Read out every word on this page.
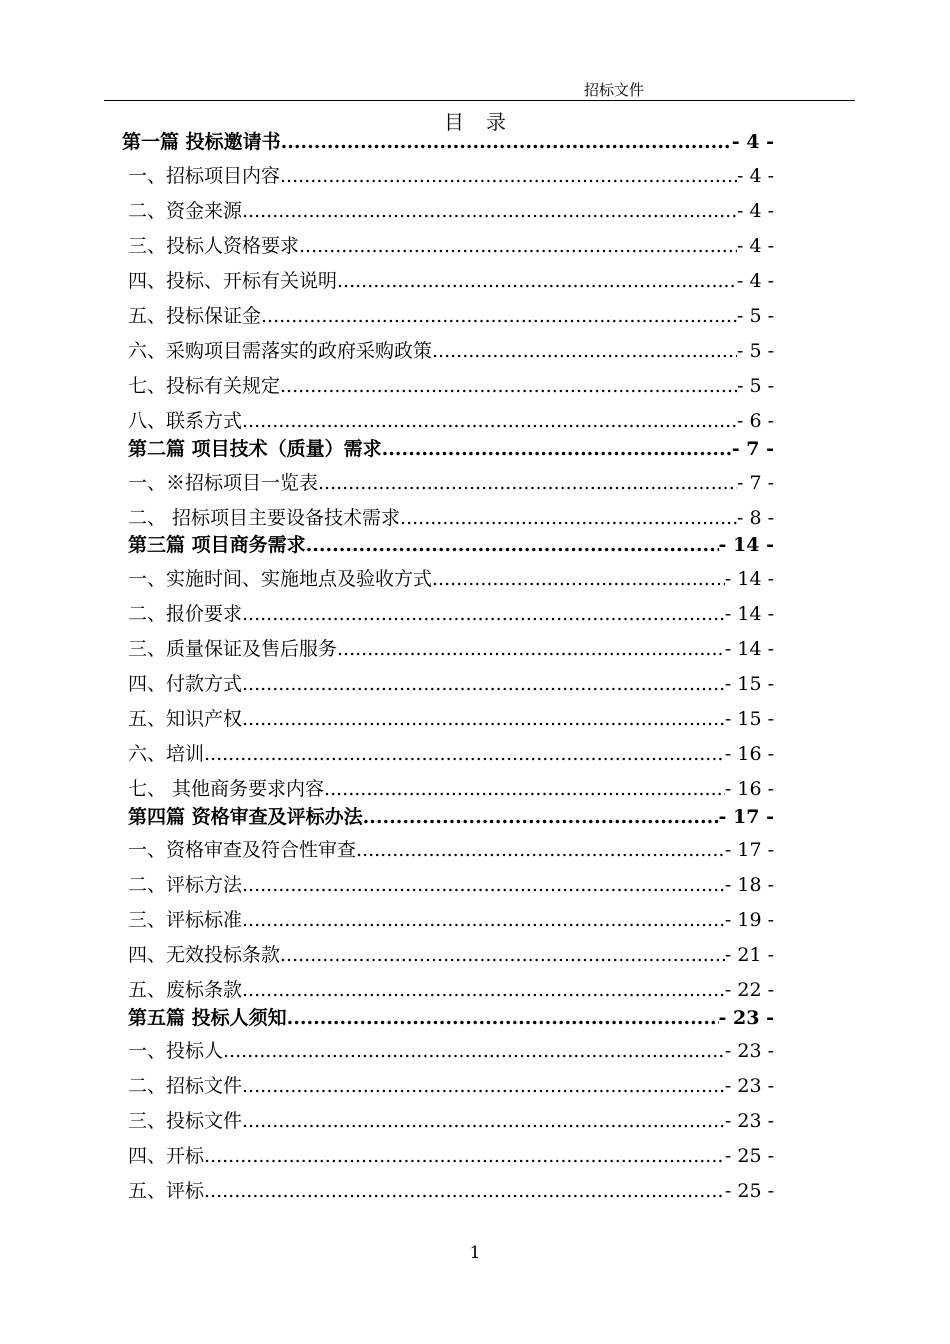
招标文件
目录
第一篇 投标邀请书 .....	- 4 -
一、招标项目内容 .....	- 4 -
二、资金来源 .....	- 4 -
三、投标人资格要求 .....	- 4 -
四、投标、开标有关说明 .....	- 4 -
五、投标保证金 .....	- 5 -
六、采购项目需落实的政府采购政策 .....	- 5 -
七、投标有关规定 .....	- 5 -
八、联系方式 .....	- 6 -
第二篇 项目技术（质量）需求 .....	- 7 -
一、※招标项目一览表 .....	- 7 -
二、 招标项目主要设备技术需求 .....	- 8 -
第三篇 项目商务需求 .....	- 14 -
一、实施时间、实施地点及验收方式 .....	- 14 -
二、报价要求 .....	- 14 -
三、质量保证及售后服务 .....	- 14 -
四、付款方式 .....	- 15 -
五、知识产权 .....	- 15 -
六、培训 .....	- 16 -
七、 其他商务要求内容 .....	- 16 -
第四篇 资格审查及评标办法 .....	- 17 -
一、资格审查及符合性审查 .....	- 17 -
二、评标方法 .....	- 18 -
三、评标标准 .....	- 19 -
四、无效投标条款 .....	- 21 -
五、废标条款 .....	- 22 -
第五篇 投标人须知 .....	- 23 -
一、投标人 .....	- 23 -
二、招标文件 .....	- 23 -
三、投标文件 .....	- 23 -
四、开标 .....	- 25 -
五、评标 .....	- 25 -
1
